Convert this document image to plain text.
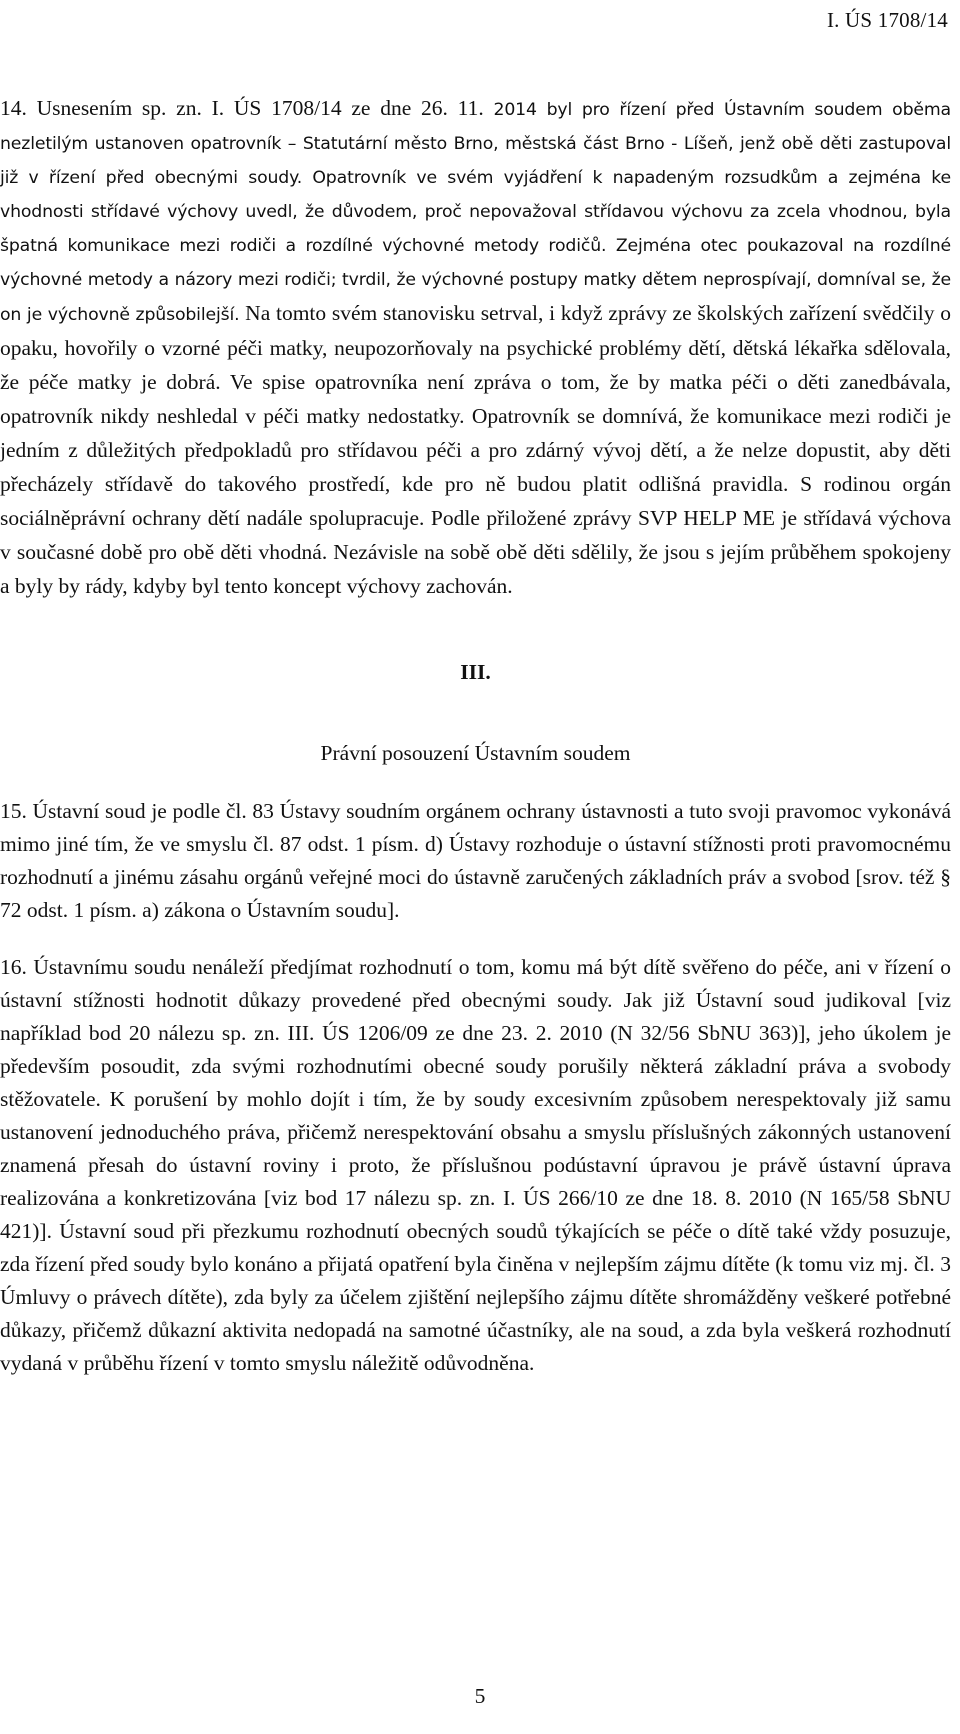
I. ÚS 1708/14

14. Usnesením sp. zn. I. ÚS 1708/14 ze dne 26. 11. 2014 byl pro řízení před Ústavním soudem oběma nezletilým ustanoven opatrovník – Statutární město Brno, městská část Brno - Líšeň, jenž obě děti zastupoval již v řízení před obecnými soudy. Opatrovník ve svém vyjádření k napadeným rozsudkům a zejména ke vhodnosti střídavé výchovy uvedl, že důvodem, proč nepovažoval střídavou výchovu za zcela vhodnou, byla špatná komunikace mezi rodiči a rozdílné výchovné metody rodičů. Zejména otec poukazoval na rozdílné výchovné metody a názory mezi rodiči; tvrdil, že výchovné postupy matky dětem neprospívají, domníval se, že on je výchovně způsobilejší. Na tomto svém stanovisku setrval, i když zprávy ze školských zařízení svědčily o opaku, hovořily o vzorné péči matky, neupozorňovaly na psychické problémy dětí, dětská lékařka sdělovala, že péče matky je dobrá. Ve spise opatrovníka není zpráva o tom, že by matka péči o děti zanedbávala, opatrovník nikdy neshledal v péči matky nedostatky. Opatrovník se domnívá, že komunikace mezi rodiči je jedním z důležitých předpokladů pro střídavou péči a pro zdárný vývoj dětí, a že nelze dopustit, aby děti přecházely střídavě do takového prostředí, kde pro ně budou platit odlišná pravidla. S rodinou orgán sociálněprávní ochrany dětí nadále spolupracuje. Podle přiložené zprávy SVP HELP ME je střídavá výchova v současné době pro obě děti vhodná. Nezávisle na sobě obě děti sdělily, že jsou s jejím průběhem spokojeny a byly by rády, kdyby byl tento koncept výchovy zachován.

III.
Právní posouzení Ústavním soudem

15. Ústavní soud je podle čl. 83 Ústavy soudním orgánem ochrany ústavnosti a tuto svoji pravomoc vykonává mimo jiné tím, že ve smyslu čl. 87 odst. 1 písm. d) Ústavy rozhoduje o ústavní stížnosti proti pravomocnému rozhodnutí a jinému zásahu orgánů veřejné moci do ústavně zaručených základních práv a svobod [srov. též § 72 odst. 1 písm. a) zákona o Ústavním soudu].

16. Ústavnímu soudu nenáleží předjímat rozhodnutí o tom, komu má být dítě svěřeno do péče, ani v řízení o ústavní stížnosti hodnotit důkazy provedené před obecnými soudy. Jak již Ústavní soud judikoval [viz například bod 20 nálezu sp. zn. III. ÚS 1206/09 ze dne 23. 2. 2010 (N 32/56 SbNU 363)], jeho úkolem je především posoudit, zda svými rozhodnutími obecné soudy porušily některá základní práva a svobody stěžovatele. K porušení by mohlo dojít i tím, že by soudy excesivním způsobem nerespektovaly již samu ustanovení jednoduchého práva, přičemž nerespektování obsahu a smyslu příslušných zákonných ustanovení znamená přesah do ústavní roviny i proto, že příslušnou podústavní úpravou je právě ústavní úprava realizována a konkretizována [viz bod 17 nálezu sp. zn. I. ÚS 266/10 ze dne 18. 8. 2010 (N 165/58 SbNU 421)]. Ústavní soud při přezkumu rozhodnutí obecných soudů týkajících se péče o dítě také vždy posuzuje, zda řízení před soudy bylo konáno a přijatá opatření byla činěna v nejlepším zájmu dítěte (k tomu viz mj. čl. 3 Úmluvy o právech dítěte), zda byly za účelem zjištění nejlepšího zájmu dítěte shromážděny veškeré potřebné důkazy, přičemž důkazní aktivita nedopadá na samotné účastníky, ale na soud, a zda byla veškerá rozhodnutí vydaná v průběhu řízení v tomto smyslu náležitě odůvodněna.

5
